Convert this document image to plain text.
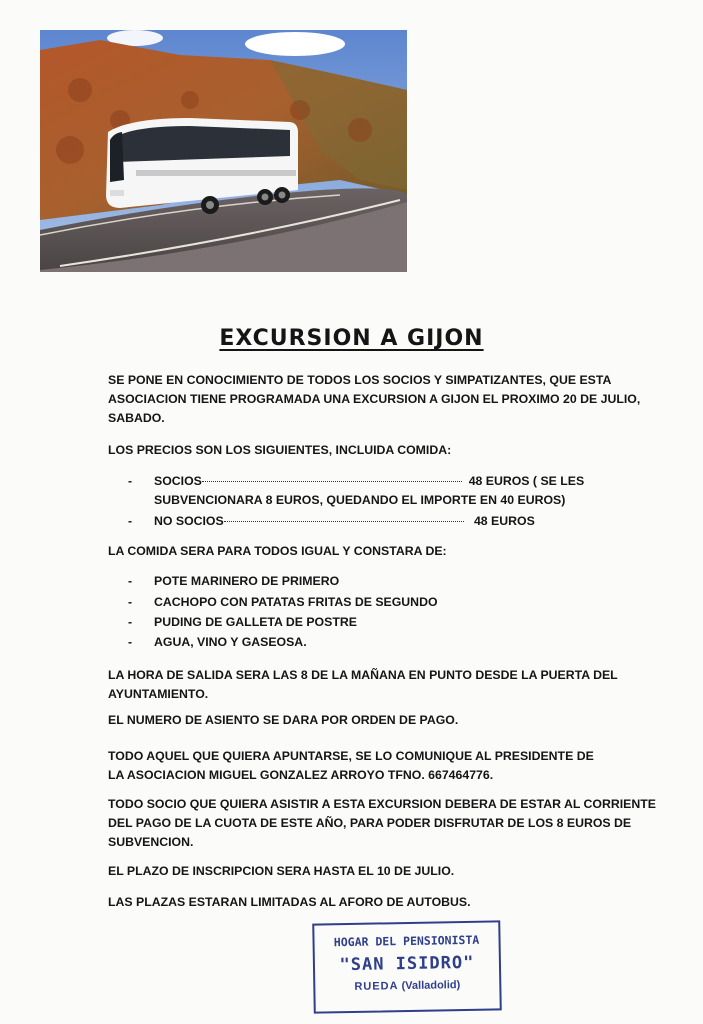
EXCURSION A GIJON

SE PONE EN CONOCIMIENTO DE TODOS LOS SOCIOS Y SIMPATIZANTES, QUE ESTA ASOCIACION TIENE PROGRAMADA UNA EXCURSION A GIJON EL PROXIMO 20 DE JULIO, SABADO.

LOS PRECIOS SON LOS SIGUIENTES, INCLUIDA COMIDA:

- SOCIOS	48 EUROS ( SE LES
SUBVENCIONARA 8 EUROS, QUEDANDO EL IMPORTE EN 40 EUROS)
- NO SOCIOS	48 EUROS

LA COMIDA SERA PARA TODOS IGUAL Y CONSTARA DE:

- POTE MARINERO DE PRIMERO
- CACHOPO CON PATATAS FRITAS DE SEGUNDO
- PUDING DE GALLETA DE POSTRE
- AGUA, VINO Y GASEOSA.

LA HORA DE SALIDA SERA LAS 8 DE LA MAÑANA EN PUNTO DESDE LA PUERTA DEL AYUNTAMIENTO.

EL NUMERO DE ASIENTO SE DARA POR ORDEN DE PAGO.

TODO AQUEL QUE QUIERA APUNTARSE, SE LO COMUNIQUE AL PRESIDENTE DE LA ASOCIACION MIGUEL GONZALEZ ARROYO TFNO. 667464776.

TODO SOCIO QUE QUIERA ASISTIR A ESTA EXCURSION DEBERA DE ESTAR AL CORRIENTE DEL PAGO DE LA CUOTA DE ESTE AÑO, PARA PODER DISFRUTAR DE LOS 8 EUROS DE SUBVENCION.

EL PLAZO DE INSCRIPCION SERA HASTA EL 10 DE JULIO.

LAS PLAZAS ESTARAN LIMITADAS AL AFORO DE AUTOBUS.

HOGAR DEL PENSIONISTA
"SAN ISIDRO"
RUEDA (Valladolid)
